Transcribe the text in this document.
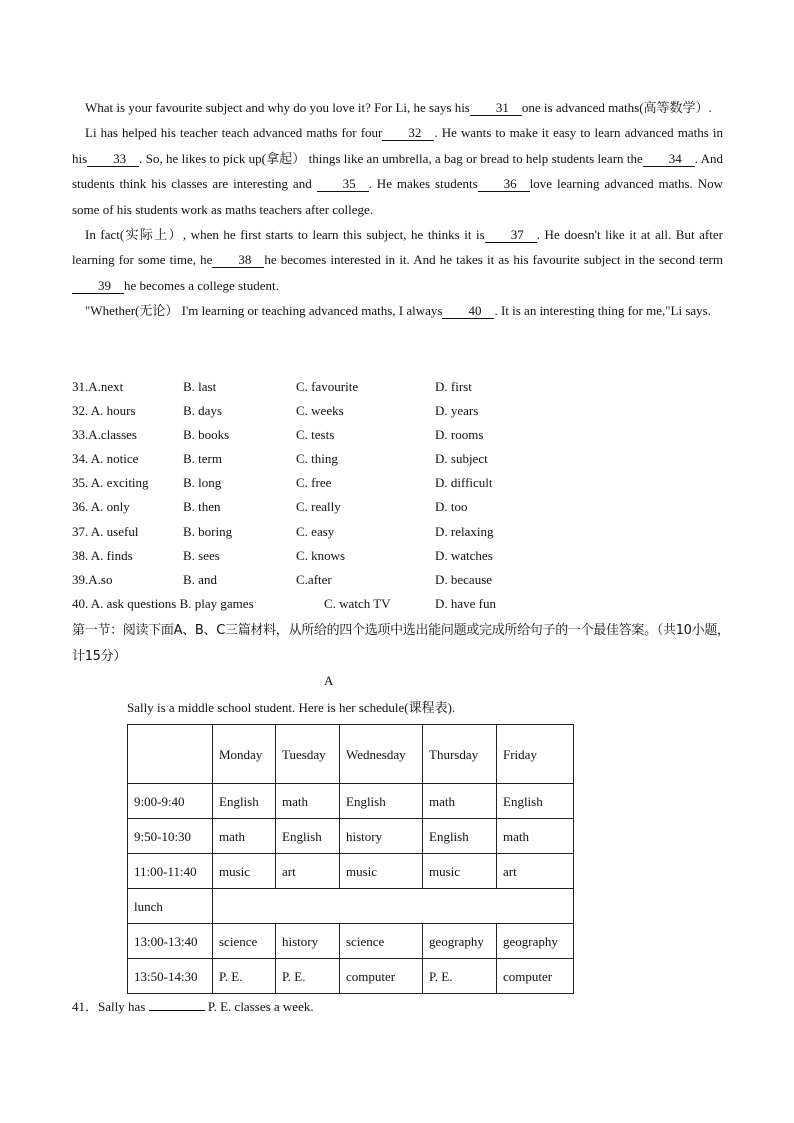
What is your favourite subject and why do you love it? For Li, he says his 31 one is advanced maths(高等数学）.

Li has helped his teacher teach advanced maths for four 32 . He wants to make it easy to learn advanced maths in his 33 . So, he likes to pick up(拿起） things like an umbrella, a bag or bread to help students learn the 34 . And students think his classes are interesting and 35 . He makes students 36 love learning advanced maths. Now some of his students work as maths teachers after college.

In fact(实际上）, when he first starts to learn this subject, he thinks it is 37 . He doesn't like it at all. But after learning for some time, he 38 he becomes interested in it. And he takes it as his favourite subject in the second term39 he becomes a college student.

"Whether(无论） I'm learning or teaching advanced maths, I always 40 . It is an interesting thing for me,"Li says.

31.A.next	B. last	C. favourite	D. first
32. A. hours	B. days	C. weeks	D. years
33.A.classes	B. books	C. tests	D. rooms
34. A. notice	B. term	C. thing	D. subject
35. A. exciting	B. long	C. free	D. difficult
36. A. only	B. then	C. really	D. too
37. A. useful	B. boring	C. easy	D. relaxing
38. A. finds	B. sees	C. knows	D. watches
39.A.so	B. and	C.after	D. because
40. A. ask questions B. play games	C. watch TV	D. have fun
第一节：阅读下面A、B、C三篇材料，从所给的四个选项中选出能问题或完成所给句子的一个最佳答案。（共10小题，计15分）
A
Sally is a middle school student. Here is her schedule(课程表).
	Monday	Tuesday	Wednesday	Thursday	Friday
9:00-9:40	English	math	English	math	English
9:50-10:30	math	English	history	English	math
11:00-11:40	music	art	music	music	art
lunch					
13:00-13:40	science	history	science	geography	geography
13:50-14:30	P. E.	P. E.	computer	P. E.	computer
41．Sally has	P. E. classes a week.
